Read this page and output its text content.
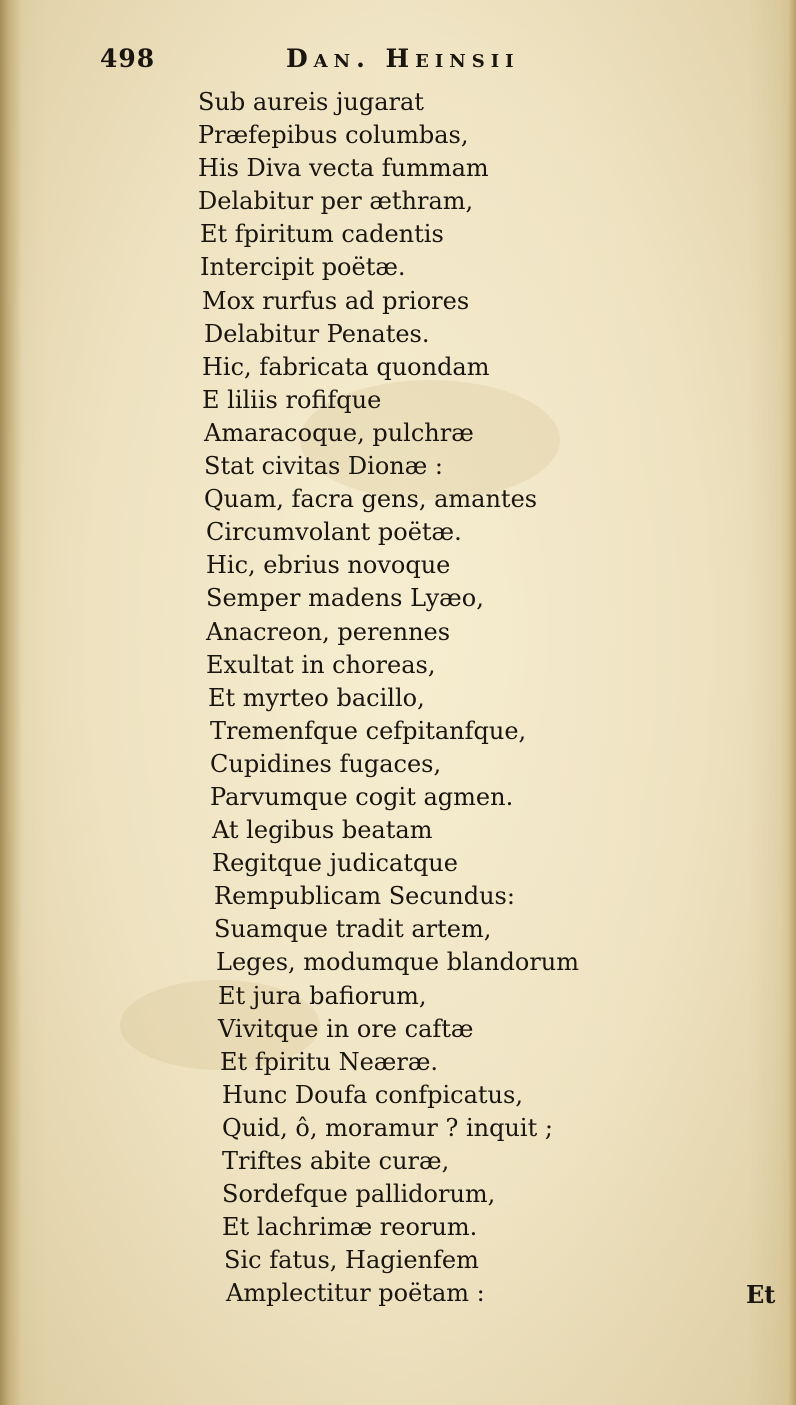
498	Dan. Heinsii
Sub aureis jugarat
Præfepibus columbas,
His Diva vecta fummam
Delabitur per æthram,
Et fpiritum cadentis
Intercipit poëtæ.
Mox rurfus ad priores
Delabitur Penates.
Hic, fabricata quondam
E liliis rofifque
Amaracoque, pulchræ
Stat civitas Dionæ :
Quam, facra gens, amantes
Circumvolant poëtæ.
Hic, ebrius novoque
Semper madens Lyæo,
Anacreon, perennes
Exultat in choreas,
Et myrteo bacillo,
Tremenfque cefpitanfque,
Cupidines fugaces,
Parvumque cogit agmen.
At legibus beatam
Regitque judicatque
Rempublicam Secundus:
Suamque tradit artem,
Leges, modumque blandorum
Et jura bafiorum,
Vivitque in ore caftæ
Et fpiritu Neæræ.
Hunc Doufa confpicatus,
Quid, ô, moramur ? inquit ;
Triftes abite curæ,
Sordefque pallidorum,
Et lachrimæ reorum.
Sic fatus, Hagienfem
Amplectitur poëtam :	Et
